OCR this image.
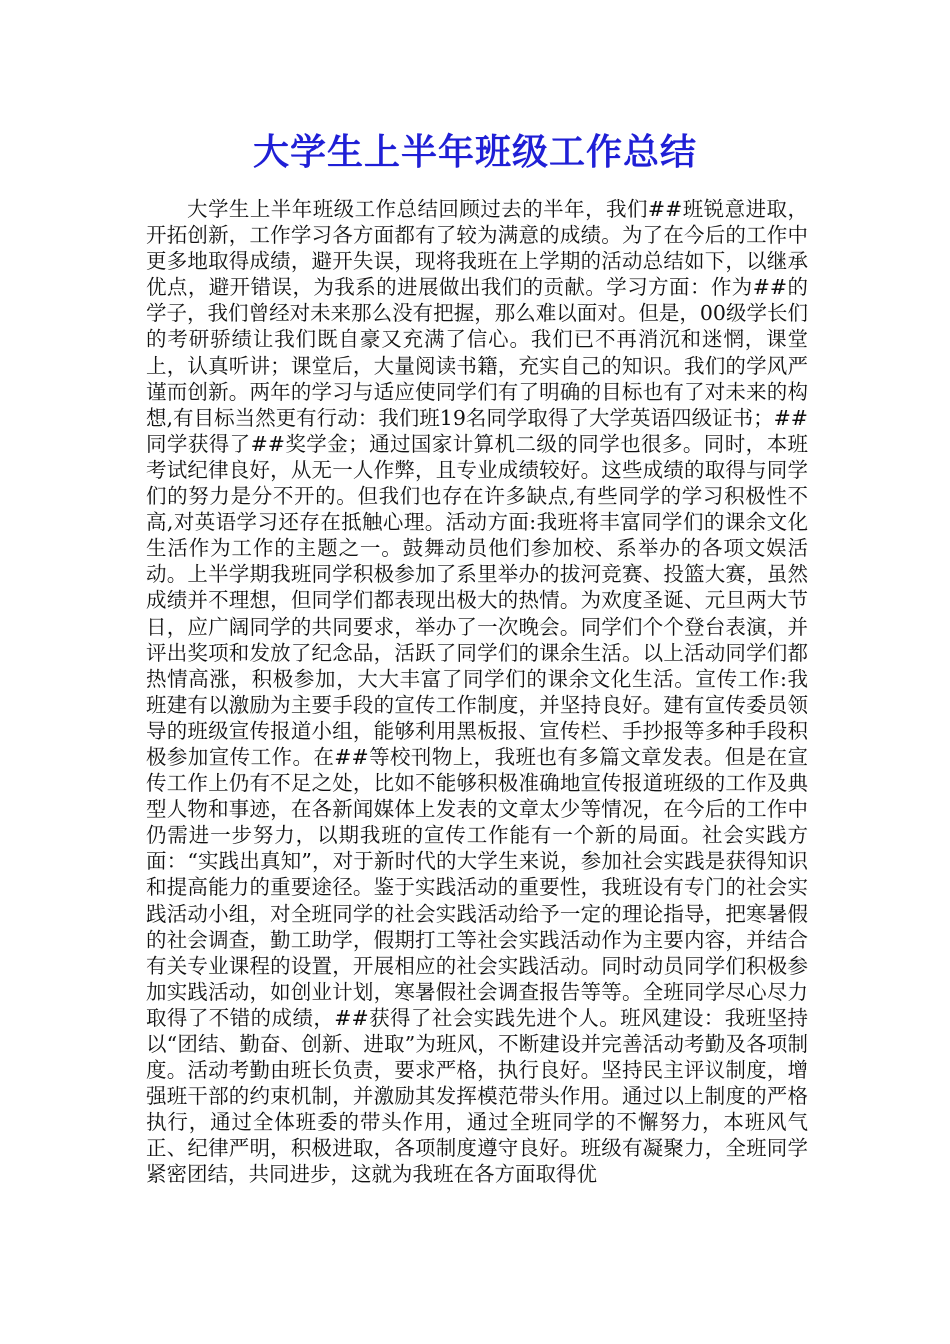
大学生上半年班级工作总结

大学生上半年班级工作总结回顾过去的半年，我们##班锐意进取，开拓创新，工作学习各方面都有了较为满意的成绩。为了在今后的工作中更多地取得成绩，避开失误，现将我班在上学期的活动总结如下，以继承优点，避开错误，为我系的进展做出我们的贡献。学习方面：作为##的学子，我们曾经对未来那么没有把握，那么难以面对。但是，00级学长们的考研骄绩让我们既自豪又充满了信心。我们已不再消沉和迷惘，课堂上，认真听讲；课堂后，大量阅读书籍，充实自己的知识。我们的学风严谨而创新。两年的学习与适应使同学们有了明确的目标也有了对未来的构想,有目标当然更有行动：我们班19名同学取得了大学英语四级证书；##同学获得了##奖学金；通过国家计算机二级的同学也很多。同时，本班考试纪律良好，从无一人作弊，且专业成绩较好。这些成绩的取得与同学们的努力是分不开的。但我们也存在许多缺点,有些同学的学习积极性不高,对英语学习还存在抵触心理。活动方面:我班将丰富同学们的课余文化生活作为工作的主题之一。鼓舞动员他们参加校、系举办的各项文娱活动。上半学期我班同学积极参加了系里举办的拔河竞赛、投篮大赛，虽然成绩并不理想，但同学们都表现出极大的热情。为欢度圣诞、元旦两大节日，应广阔同学的共同要求，举办了一次晚会。同学们个个登台表演，并评出奖项和发放了纪念品，活跃了同学们的课余生活。以上活动同学们都热情高涨，积极参加，大大丰富了同学们的课余文化生活。宣传工作:我班建有以激励为主要手段的宣传工作制度，并坚持良好。建有宣传委员领导的班级宣传报道小组，能够利用黑板报、宣传栏、手抄报等多种手段积极参加宣传工作。在##等校刊物上，我班也有多篇文章发表。但是在宣传工作上仍有不足之处，比如不能够积极准确地宣传报道班级的工作及典型人物和事迹，在各新闻媒体上发表的文章太少等情况，在今后的工作中仍需进一步努力，以期我班的宣传工作能有一个新的局面。社会实践方面：“实践出真知”，对于新时代的大学生来说，参加社会实践是获得知识和提高能力的重要途径。鉴于实践活动的重要性，我班设有专门的社会实践活动小组，对全班同学的社会实践活动给予一定的理论指导，把寒暑假的社会调查，勤工助学，假期打工等社会实践活动作为主要内容，并结合有关专业课程的设置，开展相应的社会实践活动。同时动员同学们积极参加实践活动，如创业计划，寒暑假社会调查报告等等。全班同学尽心尽力取得了不错的成绩，##获得了社会实践先进个人。班风建设：我班坚持以“团结、勤奋、创新、进取”为班风，不断建设并完善活动考勤及各项制度。活动考勤由班长负责，要求严格，执行良好。坚持民主评议制度，增强班干部的约束机制，并激励其发挥模范带头作用。通过以上制度的严格执行，通过全体班委的带头作用，通过全班同学的不懈努力，本班风气正、纪律严明，积极进取，各项制度遵守良好。班级有凝聚力，全班同学紧密团结，共同进步，这就为我班在各方面取得优
